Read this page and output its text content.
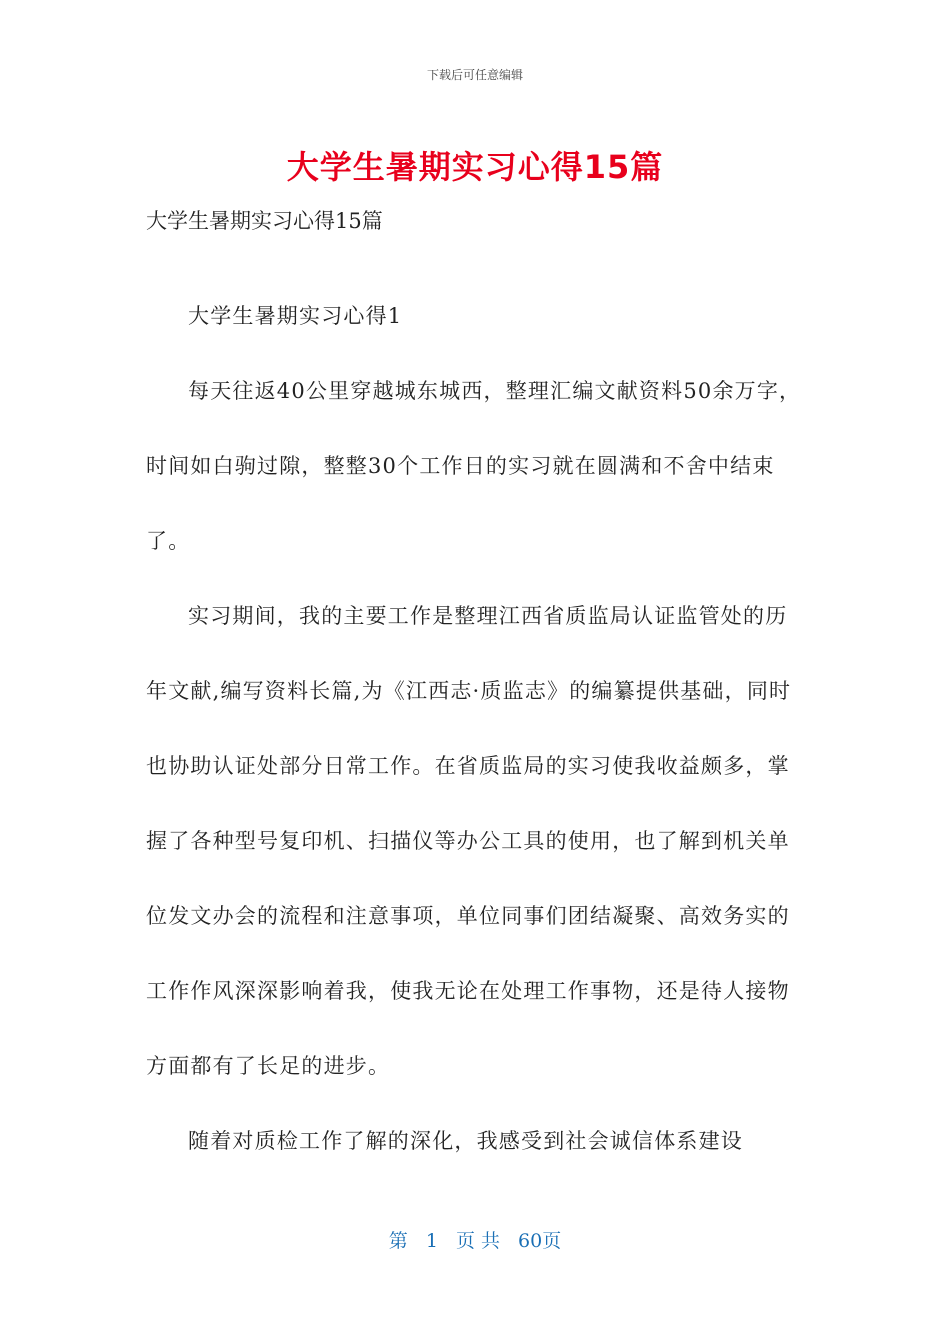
下载后可任意编辑
大学生暑期实习心得15篇
大学生暑期实习心得15篇

大学生暑期实习心得1

每天往返40公里穿越城东城西，整理汇编文献资料50余万字，时间如白驹过隙，整整30个工作日的实习就在圆满和不舍中结束了。

实习期间，我的主要工作是整理江西省质监局认证监管处的历年文献,编写资料长篇,为《江西志·质监志》的编纂提供基础，同时也协助认证处部分日常工作。在省质监局的实习使我收益颇多，掌握了各种型号复印机、扫描仪等办公工具的使用，也了解到机关单位发文办会的流程和注意事项，单位同事们团结凝聚、高效务实的工作作风深深影响着我，使我无论在处理工作事物，还是待人接物方面都有了长足的进步。

随着对质检工作了解的深化，我感受到社会诚信体系建设

第 1 页 共 60页
